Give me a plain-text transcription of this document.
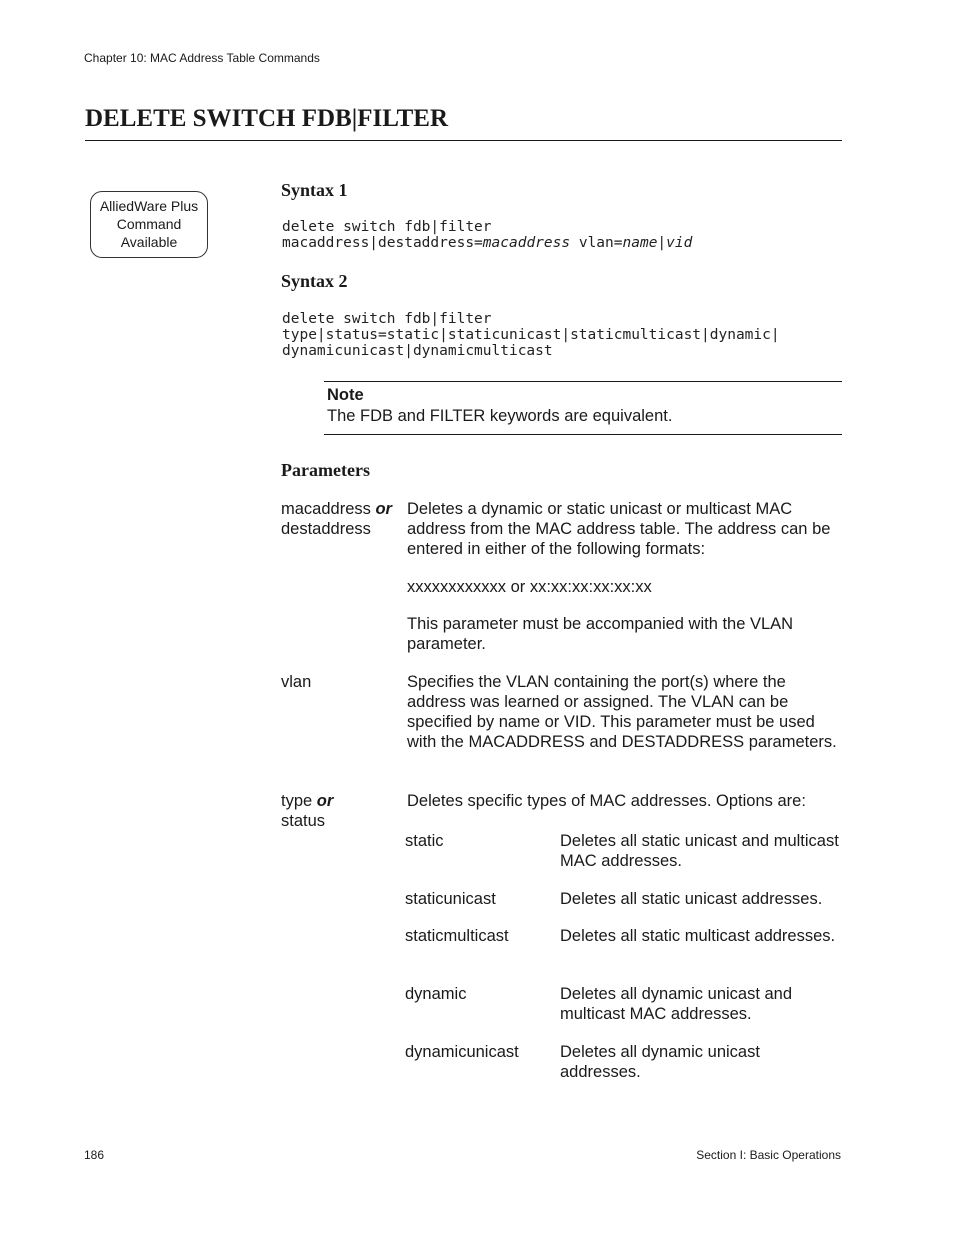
Chapter 10: MAC Address Table Commands
DELETE SWITCH FDB|FILTER
AlliedWare Plus
Command
Available
Syntax 1
delete switch fdb|filter
macaddress|destaddress=macaddress vlan=name|vid
Syntax 2
delete switch fdb|filter
type|status=static|staticunicast|staticmulticast|dynamic|
dynamicunicast|dynamicmulticast
Note
The FDB and FILTER keywords are equivalent.
Parameters
macaddress or
destaddress
Deletes a dynamic or static unicast or multicast MAC address from the MAC address table. The address can be entered in either of the following formats:
xxxxxxxxxxxx or xx:xx:xx:xx:xx:xx
This parameter must be accompanied with the VLAN parameter.
vlan	Specifies the VLAN containing the port(s) where the address was learned or assigned. The VLAN can be specified by name or VID. This parameter must be used with the MACADDRESS and DESTADDRESS parameters.
type or
status
Deletes specific types of MAC addresses. Options are:
static	Deletes all static unicast and multicast MAC addresses.
staticunicast	Deletes all static unicast addresses.
staticmulticast	Deletes all static multicast addresses.
dynamic	Deletes all dynamic unicast and multicast MAC addresses.
dynamicunicast	Deletes all dynamic unicast addresses.
186	Section I: Basic Operations
